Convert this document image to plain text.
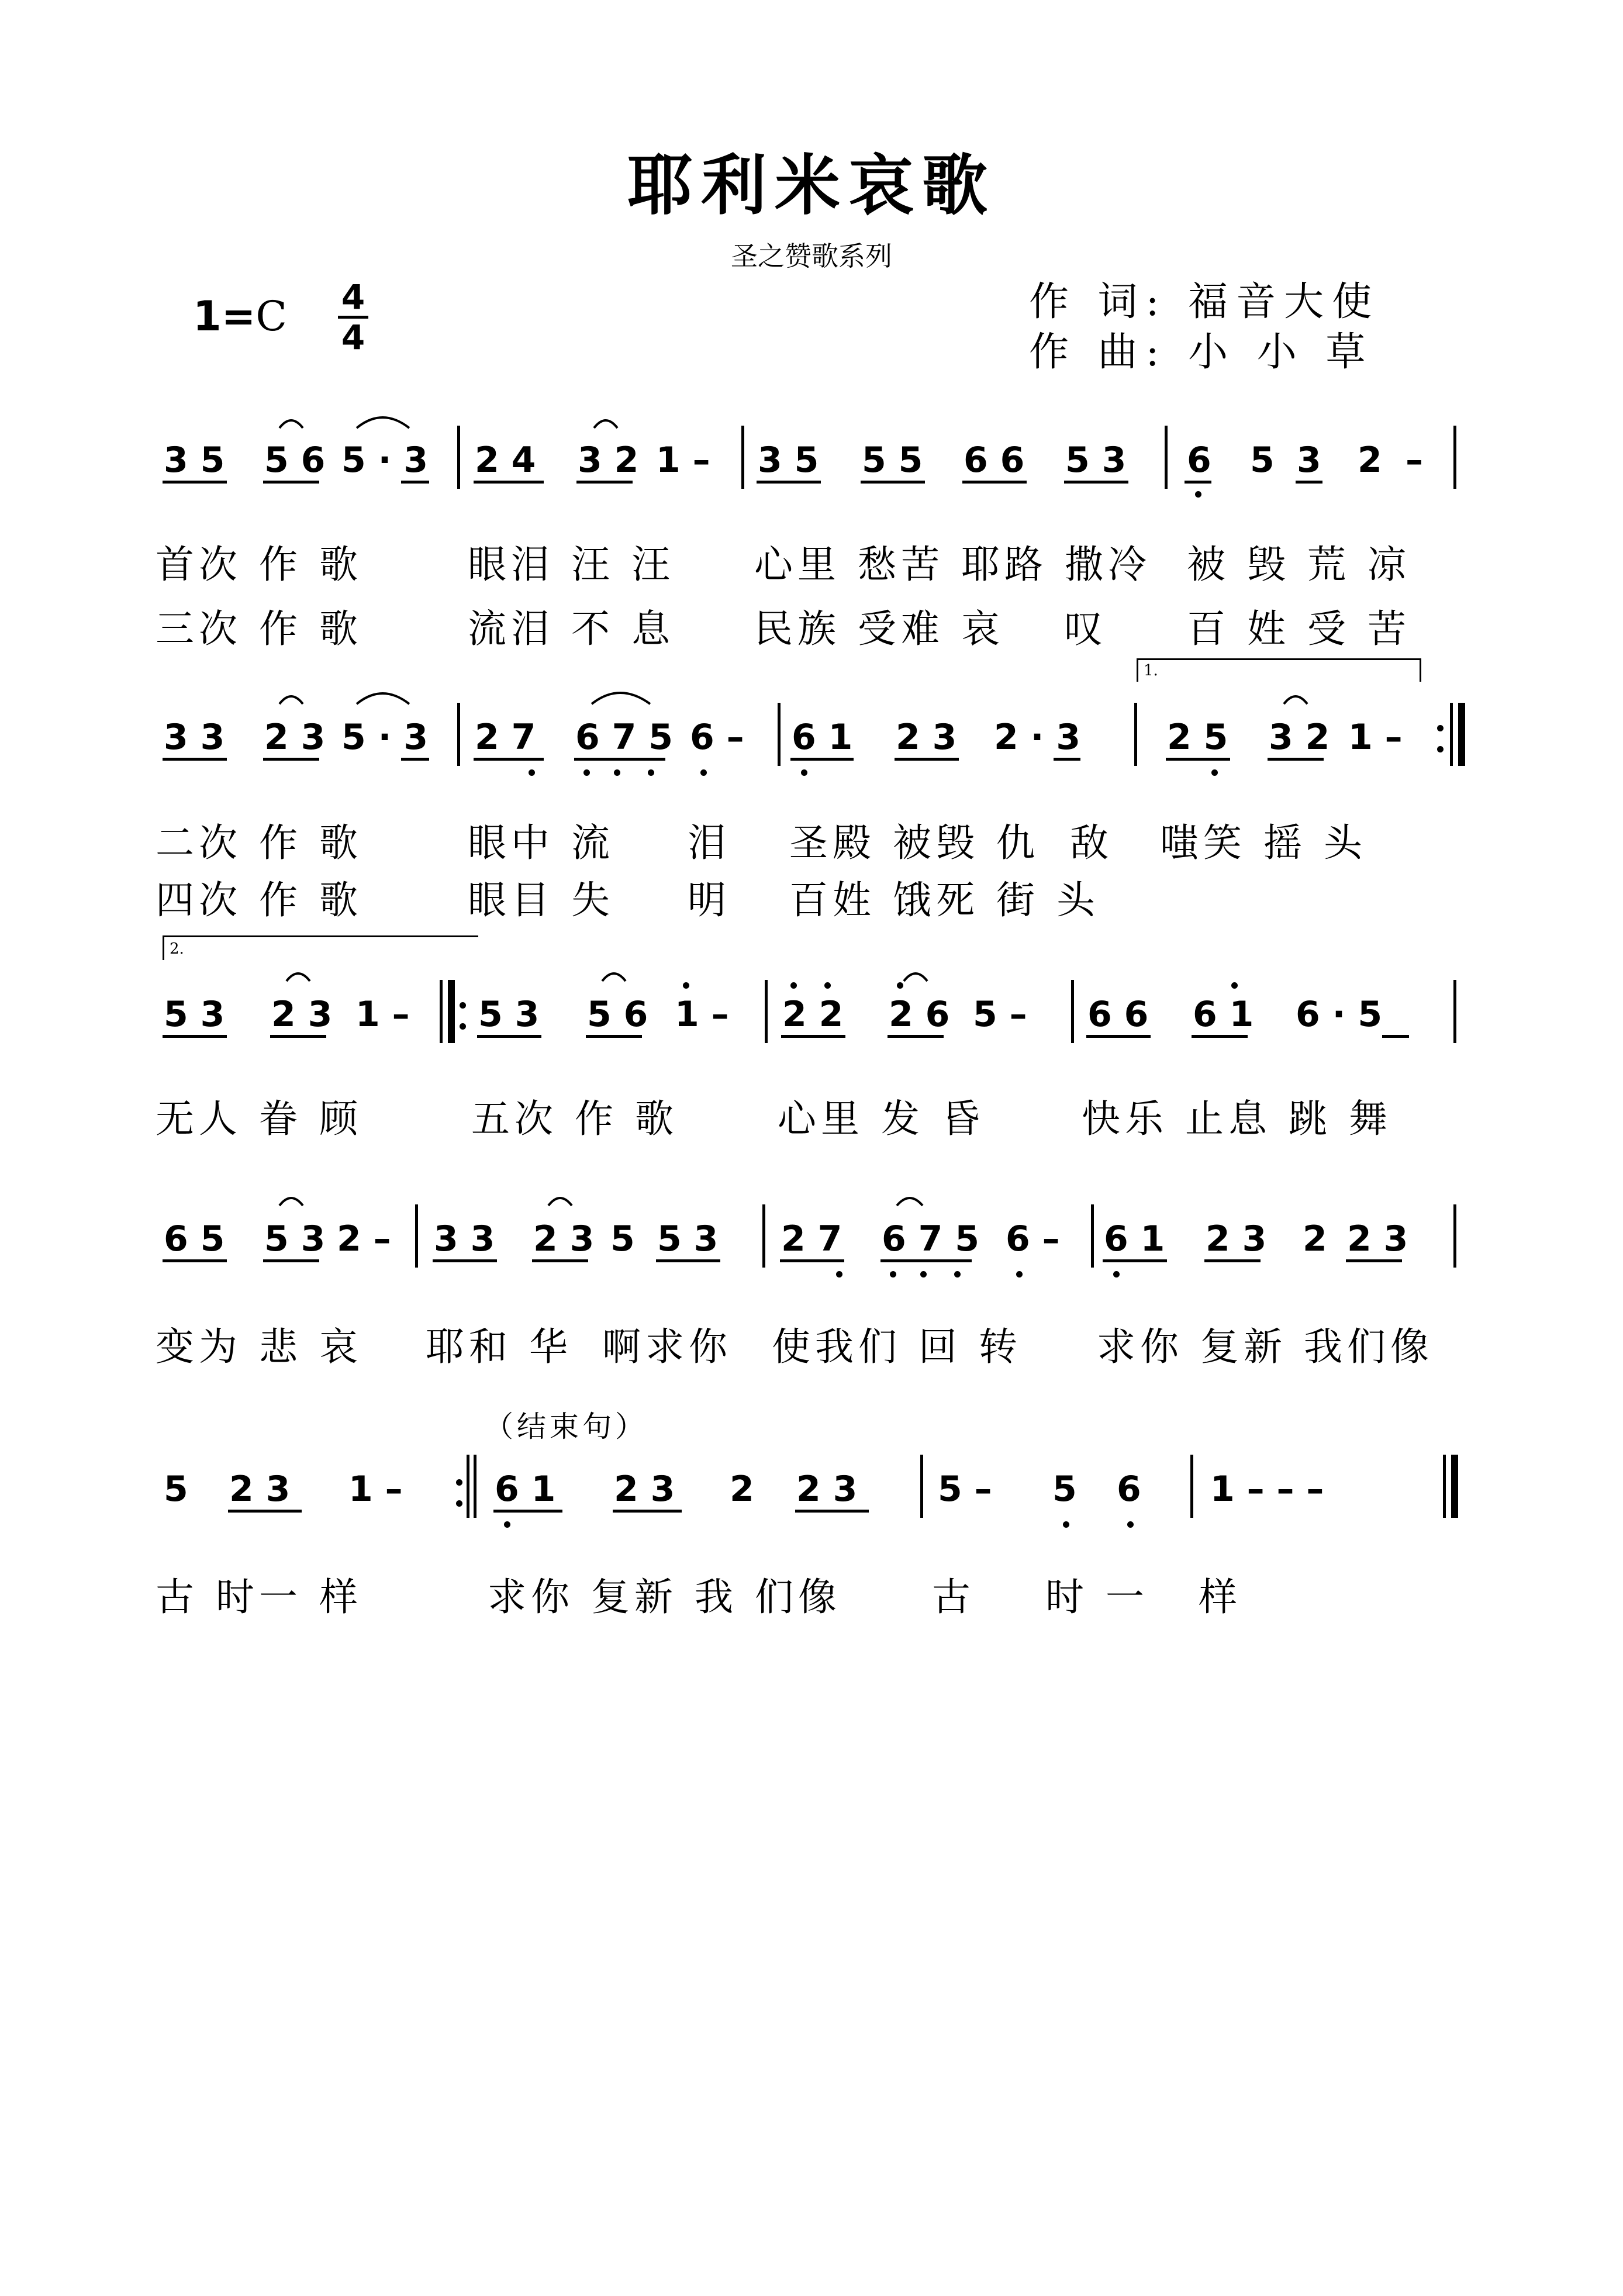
耶利米哀歌
圣之赞歌系列
1=C 4
4
作 词: 福音大使
作 曲: 小 小 草
3 5 5 6 5 · 3 2 4 3 2 1 – 3 5 5 5 6 6 5 3 6 5 3 2 –
首次 作 歌	眼泪 汪 汪 心里 愁苦 耶路 撒冷 被 毁 荒 凉
三次 作 歌	流泪 不 息 民族 受难 哀 叹 百 姓 受 苦
1.
3 3 2 3 5 · 3 2 7 6 7 5 6 – 6 1 2 3 2 · 3 2 5 3 2 1 –
二次 作 歌	眼中 流 泪 圣殿 被毁 仇 敌 嗤笑 摇 头
四次 作 歌	眼目 失 明 百姓 饿死 街 头
2.
5 3 2 3 1 – 5 3 5 6 1 – 2 2 2 6 5 – 6 6 6 1 6 · 5
无人 眷 顾	五次 作 歌	心里 发 昏	快乐 止息 跳 舞
6 5 5 3 2 – 3 3 2 3 5 5 3 2 7 6 7 5 6 – 6 1 2 3 2 2 3
变为 悲 哀 耶和 华 啊求你 使我们 回 转 求你 复新 我们像
（结束句）
5 2 3 1 –	6 1 2 3 2 2 3 5 – 5 6 1 – – –
古 时一 样	求你 复新 我 们像 古 时 一 样
